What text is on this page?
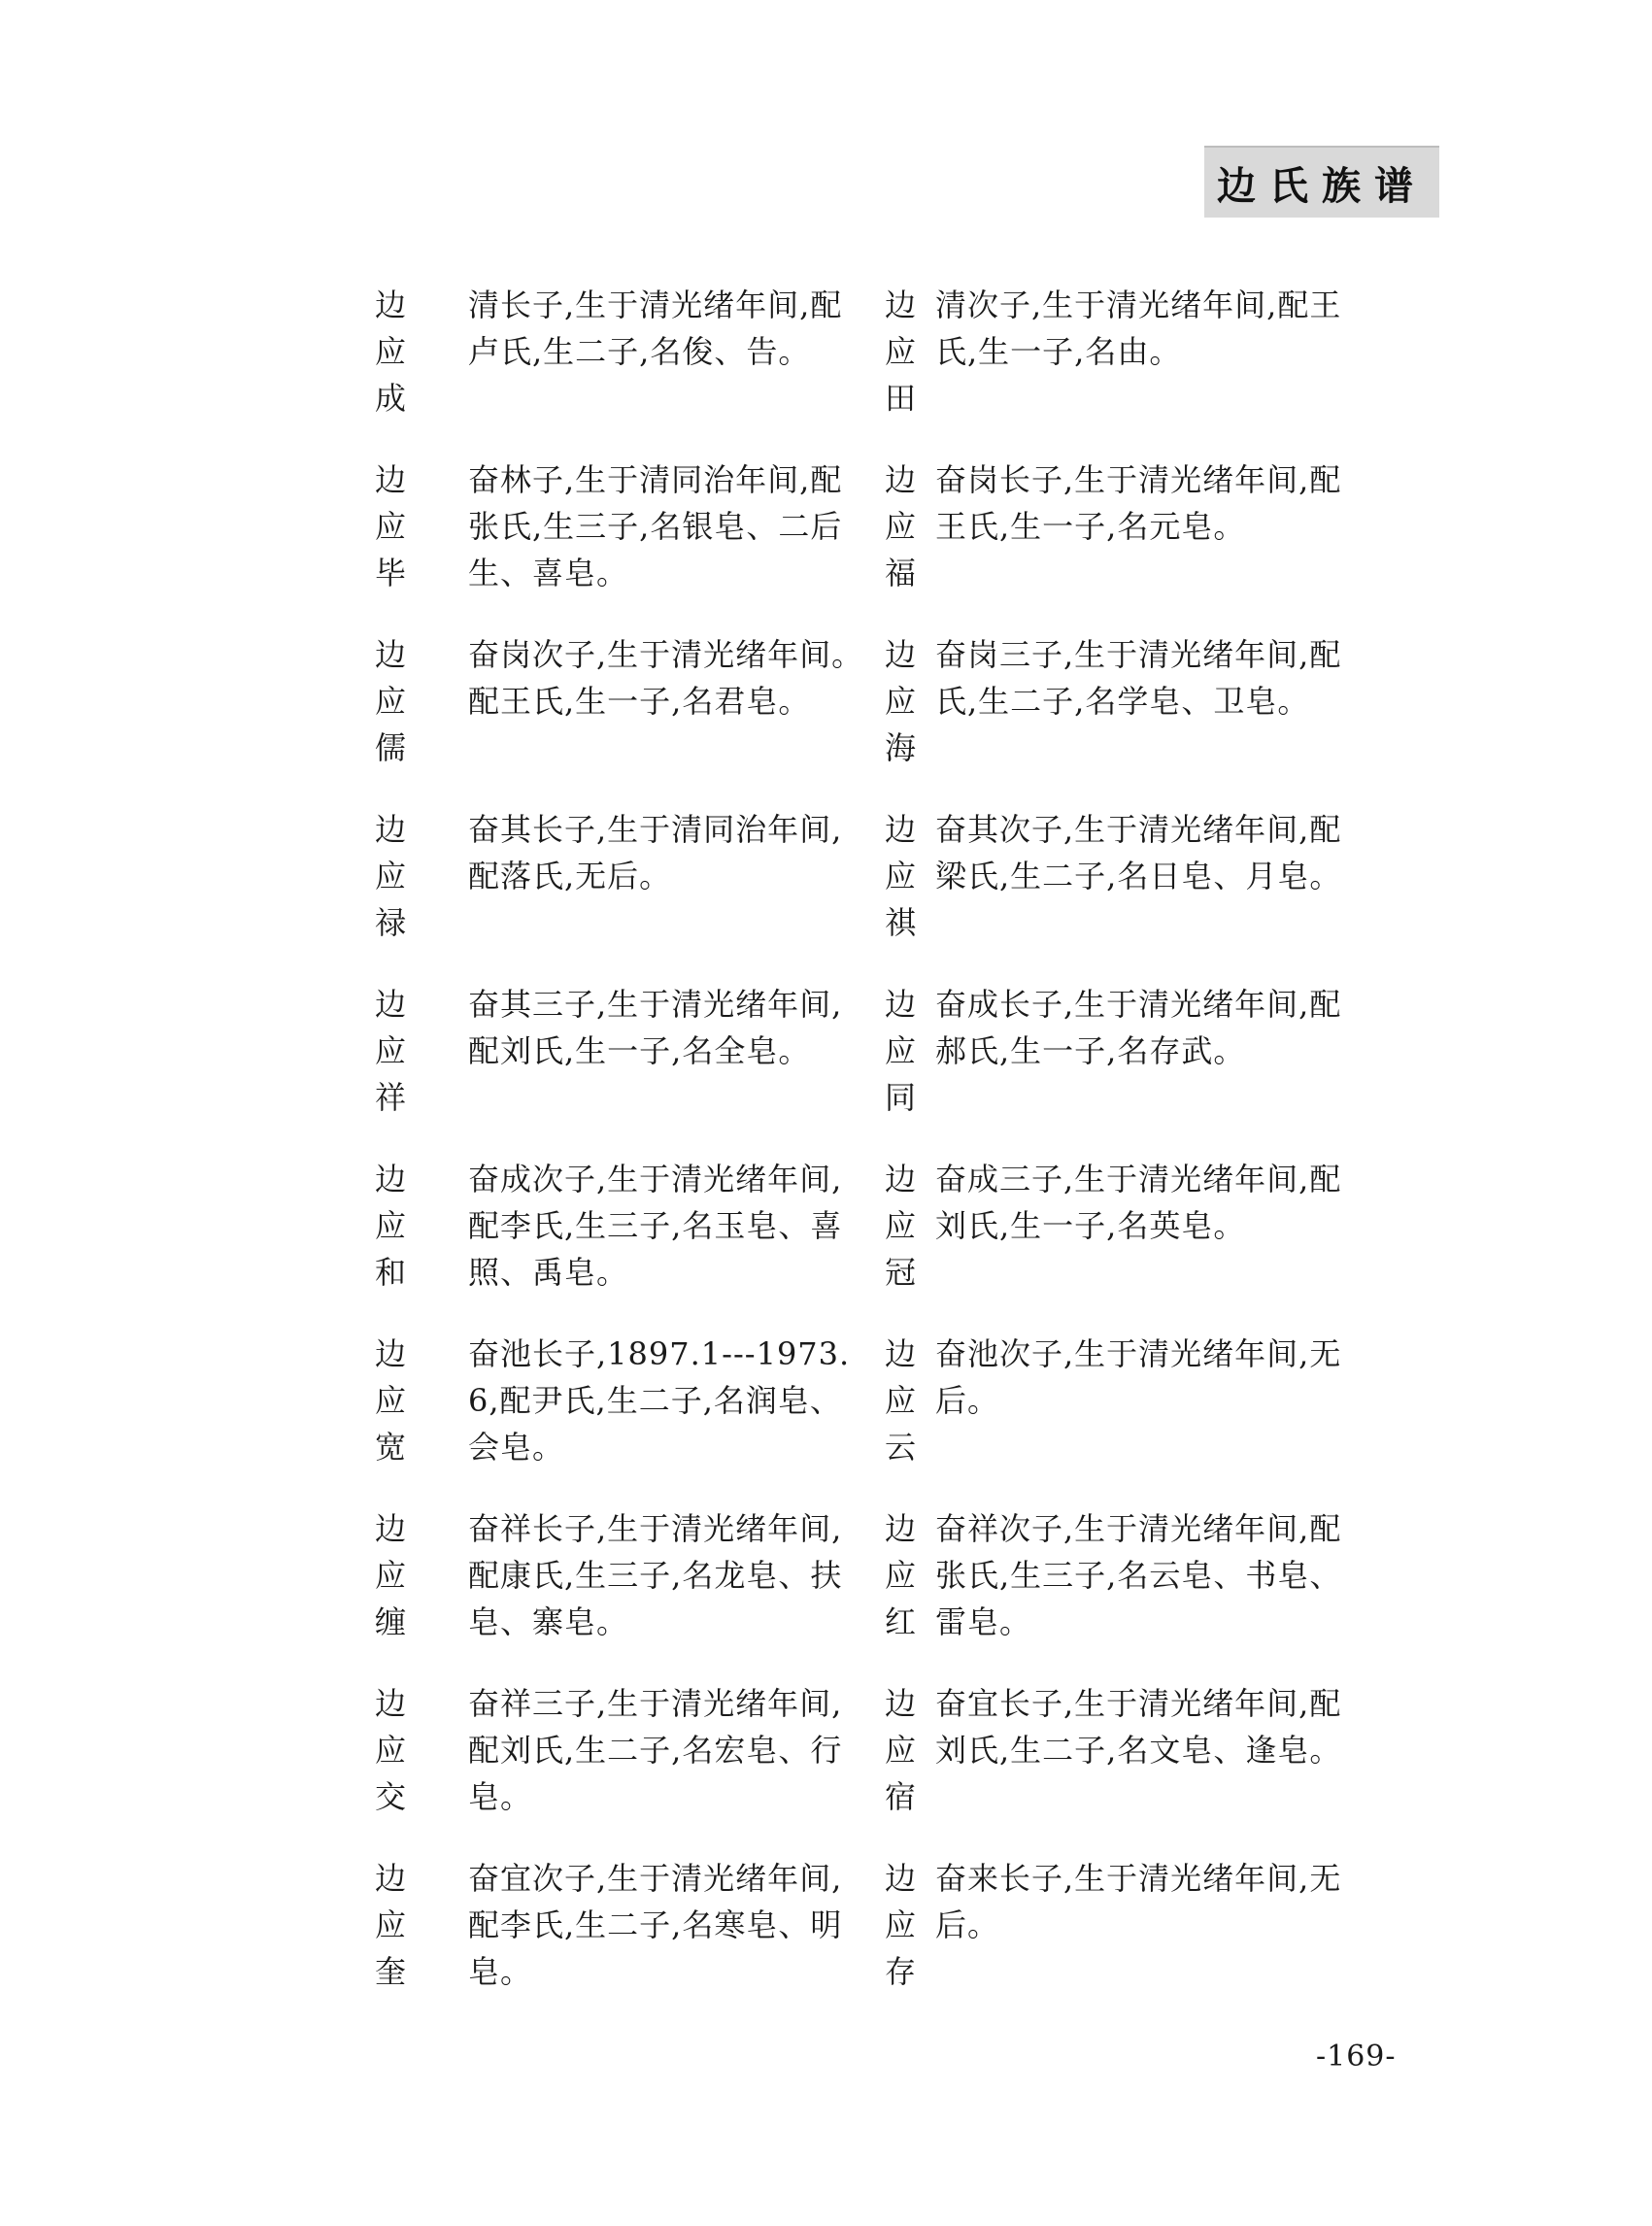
边氏族谱
边
应
成
清长子,生于清光绪年间,配卢氏,生二子,名俊、告。
边
应
田
清次子,生于清光绪年间,配王氏,生一子,名由。
边
应
毕
奋林子,生于清同治年间,配张氏,生三子,名银皂、二后生、喜皂。
边
应
福
奋岗长子,生于清光绪年间,配王氏,生一子,名元皂。
边
应
儒
奋岗次子,生于清光绪年间。配王氏,生一子,名君皂。
边
应
海
奋岗三子,生于清光绪年间,配 氏,生二子,名学皂、卫皂。
边
应
禄
奋其长子,生于清同治年间,配落氏,无后。
边
应
祺
奋其次子,生于清光绪年间,配梁氏,生二子,名日皂、月皂。
边
应
祥
奋其三子,生于清光绪年间,配刘氏,生一子,名全皂。
边
应
同
奋成长子,生于清光绪年间,配郝氏,生一子,名存武。
边
应
和
奋成次子,生于清光绪年间,配李氏,生三子,名玉皂、喜照、禹皂。
边
应
冠
奋成三子,生于清光绪年间,配刘氏,生一子,名英皂。
边
应
宽
奋池长子,1897.1---1973.6,配尹氏,生二子,名润皂、会皂。
边
应
云
奋池次子,生于清光绪年间,无后。
边
应
缠
奋祥长子,生于清光绪年间,配康氏,生三子,名龙皂、扶皂、寨皂。
边
应
红
奋祥次子,生于清光绪年间,配张氏,生三子,名云皂、书皂、雷皂。
边
应
交
奋祥三子,生于清光绪年间,配刘氏,生二子,名宏皂、行皂。
边
应
宿
奋宜长子,生于清光绪年间,配刘氏,生二子,名文皂、逢皂。
边
应
奎
奋宜次子,生于清光绪年间,配李氏,生二子,名寒皂、明皂。
边
应
存
奋来长子,生于清光绪年间,无后。
-169-
